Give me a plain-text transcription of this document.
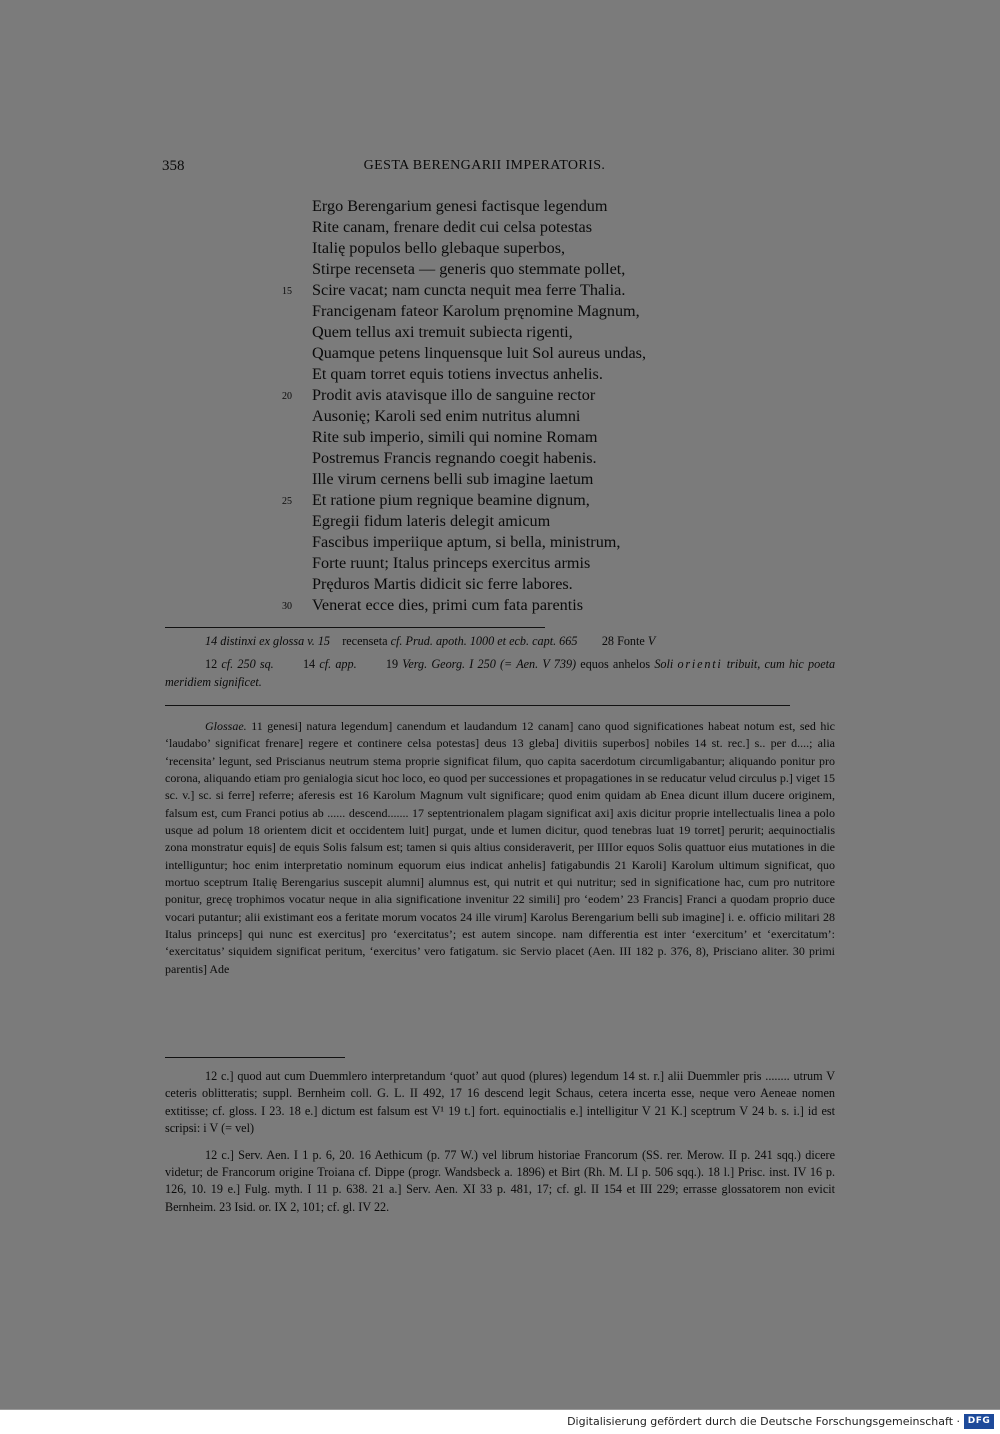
358	GESTA BERENGARII IMPERATORIS.
Ergo Berengarium genesi factisque legendum
Rite canam, frenare dedit cui celsa potestas
Italię populos bello glebaque superbos,
Stirpe recenseta — generis quo stemmate pollet,
15	Scire vacat; nam cuncta nequit mea ferre Thalia.
Francigenam fateor Karolum pręnomine Magnum,
Quem tellus axi tremuit subiecta rigenti,
Quamque petens linquensque luit Sol aureus undas,
Et quam torret equis totiens invectus anhelis.
20	Prodit avis atavisque illo de sanguine rector
Ausonię; Karoli sed enim nutritus alumni
Rite sub imperio, simili qui nomine Romam
Postremus Francis regnando coegit habenis.
Ille virum cernens belli sub imagine laetum
25	Et ratione pium regnique beamine dignum,
Egregii fidum lateris delegit amicum
Fascibus imperiique aptum, si bella, ministrum,
Forte ruunt; Italus princeps exercitus armis
Pręduros Martis didicit sic ferre labores.
30	Venerat ecce dies, primi cum fata parentis

14 distinxi ex glossa v. 15 recenseta cf. Prud. apoth. 1000 et ecb. capt. 665 28 Fonte V

12 cf. 250 sq. 14 cf. app. 19 Verg. Georg. I 250 (= Aen. V 739) equos anhelos Soli orienti tribuit, cum hic poeta meridiem significet.

Glossae. 11 genesi] natura legendum] canendum et laudandum 12 canam] cano quod significationes habeat notum est, sed hic ‘laudabo’ significat frenare] regere et continere celsa potestas] deus 13 gleba] divitiis superbos] nobiles 14 st. rec.] s.. per d....; alia ‘recensita’ legunt, sed Priscianus neutrum stema proprie significat filum, quo capita sacerdotum circumligabantur; aliquando ponitur pro corona, aliquando etiam pro genialogia sicut hoc loco, eo quod per successiones et propagationes in se reducatur velud circulus p.] viget 15 sc. v.] sc. si ferre] referre; aferesis est 16 Karolum Magnum vult significare; quod enim quidam ab Enea dicunt illum ducere originem, falsum est, cum Franci potius ab ...... descend....... 17 septentrionalem plagam significat axi] axis dicitur proprie intellectualis linea a polo usque ad polum 18 orientem dicit et occidentem luit] purgat, unde et lumen dicitur, quod tenebras luat 19 torret] perurit; aequinoctialis zona monstratur equis] de equis Solis falsum est; tamen si quis altius consideraverit, per IIIIor equos Solis quattuor eius mutationes in die intelliguntur; hoc enim interpretatio nominum equorum eius indicat anhelis] fatigabundis 21 Karoli] Karolum ultimum significat, quo mortuo sceptrum Italię Berengarius suscepit alumni] alumnus est, qui nutrit et qui nutritur; sed in significatione hac, cum pro nutritore ponitur, grecę trophimos vocatur neque in alia significatione invenitur 22 simili] pro ‘eodem’ 23 Francis] Franci a quodam proprio duce vocari putantur; alii existimant eos a feritate morum vocatos 24 ille virum] Karolus Berengarium belli sub imagine] i. e. officio militari 28 Italus princeps] qui nunc est exercitus] pro ‘exercitatus’; est autem sincope. nam differentia est inter ‘exercitum’ et ‘exercitatum’: ‘exercitatus’ siquidem significat peritum, ‘exercitus’ vero fatigatum. sic Servio placet (Aen. III 182 p. 376, 8), Prisciano aliter. 30 primi parentis] Ade

12 c.] quod aut cum Duemmlero interpretandum ‘quot’ aut quod (plures) legendum 14 st. r.] alii Duemmler pris ........ utrum V ceteris oblitteratis; suppl. Bernheim coll. G. L. II 492, 17 16 descend legit Schaus, cetera incerta esse, neque vero Aeneae nomen extitisse; cf. gloss. I 23. 18 e.] dictum est falsum est V¹ 19 t.] fort. equinoctialis e.] intelligitur V 21 K.] sceptrum V 24 b. s. i.] id est scripsi: i V (= vel)

12 c.] Serv. Aen. I 1 p. 6, 20. 16 Aethicum (p. 77 W.) vel librum historiae Francorum (SS. rer. Merow. II p. 241 sqq.) dicere videtur; de Francorum origine Troiana cf. Dippe (progr. Wandsbeck a. 1896) et Birt (Rh. M. LI p. 506 sqq.). 18 l.] Prisc. inst. IV 16 p. 126, 10. 19 e.] Fulg. myth. I 11 p. 638. 21 a.] Serv. Aen. XI 33 p. 481, 17; cf. gl. II 154 et III 229; errasse glossatorem non evicit Bernheim. 23 Isid. or. IX 2, 101; cf. gl. IV 22.

Digitalisierung gefördert durch die Deutsche Forschungsgemeinschaft · DFG
